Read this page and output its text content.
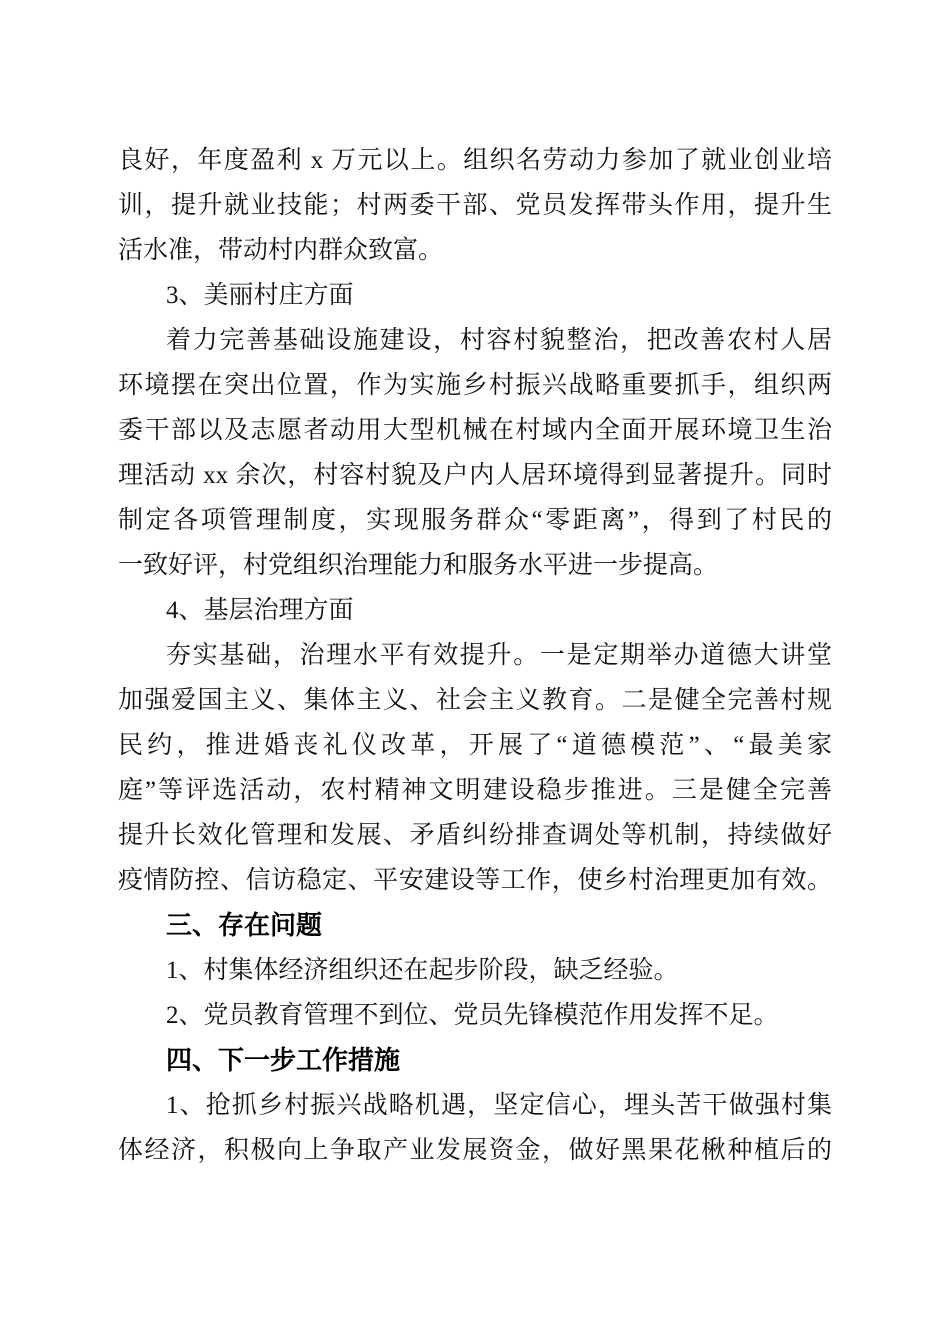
良好，年度盈利 x 万元以上。组织名劳动力参加了就业创业培
训，提升就业技能；村两委干部、党员发挥带头作用，提升生
活水准，带动村内群众致富。
3、美丽村庄方面
着力完善基础设施建设，村容村貌整治，把改善农村人居
环境摆在突出位置，作为实施乡村振兴战略重要抓手，组织两
委干部以及志愿者动用大型机械在村域内全面开展环境卫生治
理活动 xx 余次，村容村貌及户内人居环境得到显著提升。同时
制定各项管理制度，实现服务群众“零距离”，得到了村民的
一致好评，村党组织治理能力和服务水平进一步提高。
4、基层治理方面
夯实基础，治理水平有效提升。一是定期举办道德大讲堂
加强爱国主义、集体主义、社会主义教育。二是健全完善村规
民约，推进婚丧礼仪改革，开展了“道德模范”、“最美家
庭”等评选活动，农村精神文明建设稳步推进。三是健全完善
提升长效化管理和发展、矛盾纠纷排查调处等机制，持续做好
疫情防控、信访稳定、平安建设等工作，使乡村治理更加有效。
三、存在问题
1、村集体经济组织还在起步阶段，缺乏经验。
2、党员教育管理不到位、党员先锋模范作用发挥不足。
四、下一步工作措施
1、抢抓乡村振兴战略机遇，坚定信心，埋头苦干做强村集
体经济，积极向上争取产业发展资金，做好黑果花楸种植后的
